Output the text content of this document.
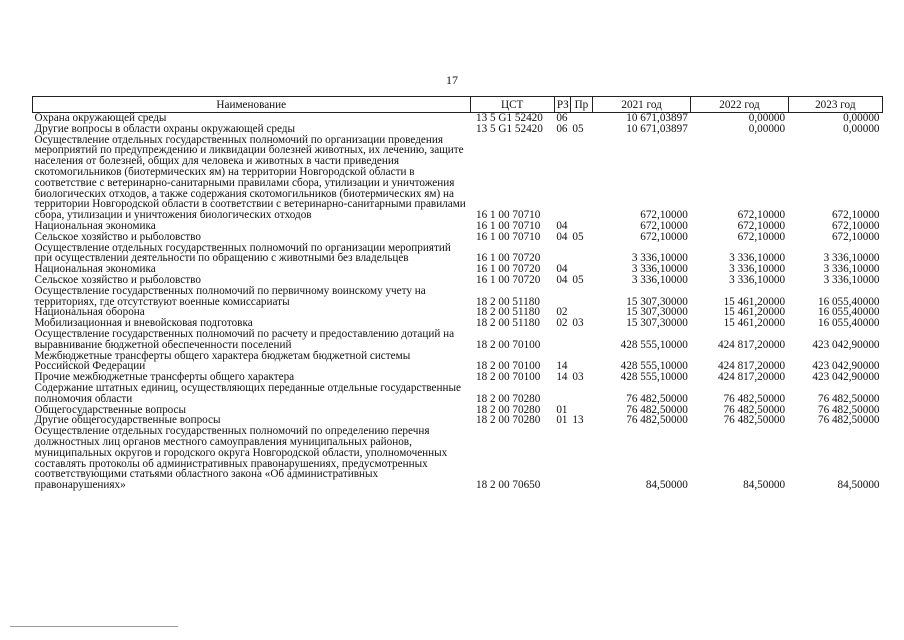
17
Наименование	ЦСТ	РЗ	Пр	2021 год	2022 год	2023 год
Охрана окружающей среды	13 5 G1 52420	06		10 671,03897	0,00000	0,00000
Другие вопросы в области охраны окружающей среды	13 5 G1 52420	06	05	10 671,03897	0,00000	0,00000
Осуществление отдельных государственных полномочий по организации проведения мероприятий по предупреждению и ликвидации болезней животных, их лечению, защите населения от болезней, общих для человека и животных в части приведения скотомогильников (биотермических ям) на территории Новгородской области в соответствие с ветеринарно-санитарными правилами сбора, утилизации и уничтожения биологических отходов, а также содержания скотомогильников (биотермических ям) на территории Новгородской области в соответствии с ветеринарно-санитарными правилами сбора, утилизации и уничтожения биологических отходов	16 1 00 70710			672,10000	672,10000	672,10000
Национальная экономика	16 1 00 70710	04		672,10000	672,10000	672,10000
Сельское хозяйство и рыболовство	16 1 00 70710	04	05	672,10000	672,10000	672,10000
Осуществление отдельных государственных полномочий по организации мероприятий при осуществлении деятельности по обращению с животными без владельцев	16 1 00 70720			3 336,10000	3 336,10000	3 336,10000
Национальная экономика	16 1 00 70720	04		3 336,10000	3 336,10000	3 336,10000
Сельское хозяйство и рыболовство	16 1 00 70720	04	05	3 336,10000	3 336,10000	3 336,10000
Осуществление государственных полномочий по первичному воинскому учету на территориях, где отсутствуют военные комиссариаты	18 2 00 51180			15 307,30000	15 461,20000	16 055,40000
Национальная оборона	18 2 00 51180	02		15 307,30000	15 461,20000	16 055,40000
Мобилизационная и вневойсковая подготовка	18 2 00 51180	02	03	15 307,30000	15 461,20000	16 055,40000
Осуществление государственных полномочий по расчету и предоставлению дотаций на выравнивание бюджетной обеспеченности поселений	18 2 00 70100			428 555,10000	424 817,20000	423 042,90000
Межбюджетные трансферты общего характера бюджетам бюджетной системы Российской Федерации	18 2 00 70100	14		428 555,10000	424 817,20000	423 042,90000
Прочие межбюджетные трансферты общего характера	18 2 00 70100	14	03	428 555,10000	424 817,20000	423 042,90000
Содержание штатных единиц, осуществляющих переданные отдельные государственные полномочия области	18 2 00 70280			76 482,50000	76 482,50000	76 482,50000
Общегосударственные вопросы	18 2 00 70280	01		76 482,50000	76 482,50000	76 482,50000
Другие общегосударственные вопросы	18 2 00 70280	01	13	76 482,50000	76 482,50000	76 482,50000
Осуществление отдельных государственных полномочий по определению перечня должностных лиц органов местного самоуправления муниципальных районов, муниципальных округов и городского округа Новгородской области, уполномоченных составлять протоколы об административных правонарушениях, предусмотренных соответствующими статьями областного закона «Об административных правонарушениях»	18 2 00 70650			84,50000	84,50000	84,50000
